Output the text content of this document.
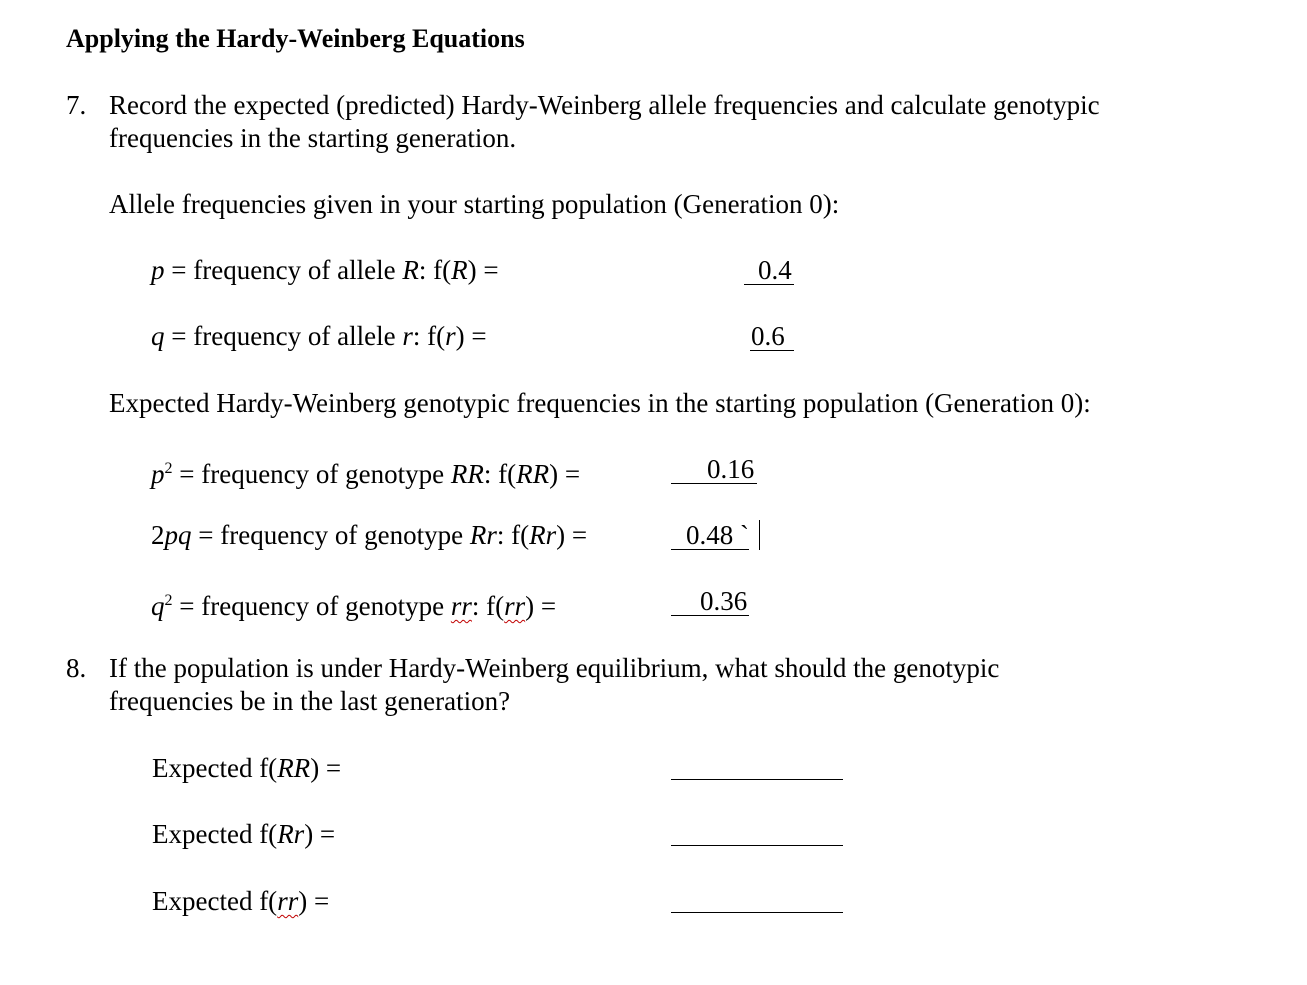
Applying the Hardy-Weinberg Equations
7. Record the expected (predicted) Hardy-Weinberg allele frequencies and calculate genotypic
frequencies in the starting generation.
Allele frequencies given in your starting population (Generation 0):
p = frequency of allele R: f(R) =	0.4
q = frequency of allele r: f(r) =	0.6
Expected Hardy-Weinberg genotypic frequencies in the starting population (Generation 0):
$p^2$ = frequency of genotype RR: f(RR) =	0.16
2pq = frequency of genotype Rr: f(Rr) =	0.48 `
$q^2$ = frequency of genotype rr: f(rr) =	0.36
8. If the population is under Hardy-Weinberg equilibrium, what should the genotypic
frequencies be in the last generation?
Expected f(RR) =
Expected f(Rr) =
Expected f(rr) =
